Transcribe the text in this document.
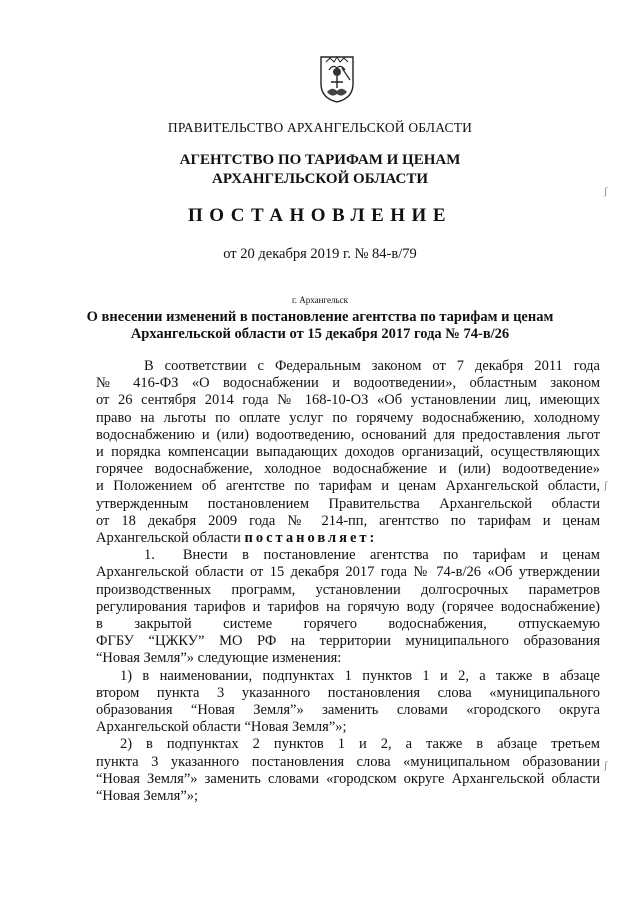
ПРАВИТЕЛЬСТВО АРХАНГЕЛЬСКОЙ ОБЛАСТИ
АГЕНТСТВО ПО ТАРИФАМ И ЦЕНАМ
АРХАНГЕЛЬСКОЙ ОБЛАСТИ
ПОСТАНОВЛЕНИЕ
от 20 декабря 2019 г. № 84-в/79
г. Архангельск
О внесении изменений в постановление агентства по тарифам и ценам
Архангельской области от 15 декабря 2017 года № 74-в/26

В соответствии с Федеральным законом от 7 декабря 2011 года

№ 416-ФЗ «О водоснабжении и водоотведении», областным законом

от 26 сентября 2014 года № 168-10-ОЗ «Об установлении лиц, имеющих

право на льготы по оплате услуг по горячему водоснабжению, холодному

водоснабжению и (или) водоотведению, оснований для предоставления льгот

и порядка компенсации выпадающих доходов организаций, осуществляющих

горячее водоснабжение, холодное водоснабжение и (или) водоотведение»

и Положением об агентстве по тарифам и ценам Архангельской области,

утвержденным постановлением Правительства Архангельской области

от 18 декабря 2009 года № 214-пп, агентство по тарифам и ценам

Архангельской области постановляет:

1. Внести в постановление агентства по тарифам и ценам

Архангельской области от 15 декабря 2017 года № 74-в/26 «Об утверждении

производственных программ, установлении долгосрочных параметров

регулирования тарифов и тарифов на горячую воду (горячее водоснабжение)

в закрытой системе горячего водоснабжения, отпускаемую

ФГБУ “ЦЖКУ” МО РФ на территории муниципального образования

“Новая Земля”» следующие изменения:

1) в наименовании, подпунктах 1 пунктов 1 и 2, а также в абзаце

втором пункта 3 указанного постановления слова «муниципального

образования “Новая Земля”» заменить словами «городского округа

Архангельской области “Новая Земля”»;

2) в подпунктах 2 пунктов 1 и 2, а также в абзаце третьем

пункта 3 указанного постановления слова «муниципальном образовании

“Новая Земля”» заменить словами «городском округе Архангельской области

“Новая Земля”»;

ʃ
ʃ
ʃ
